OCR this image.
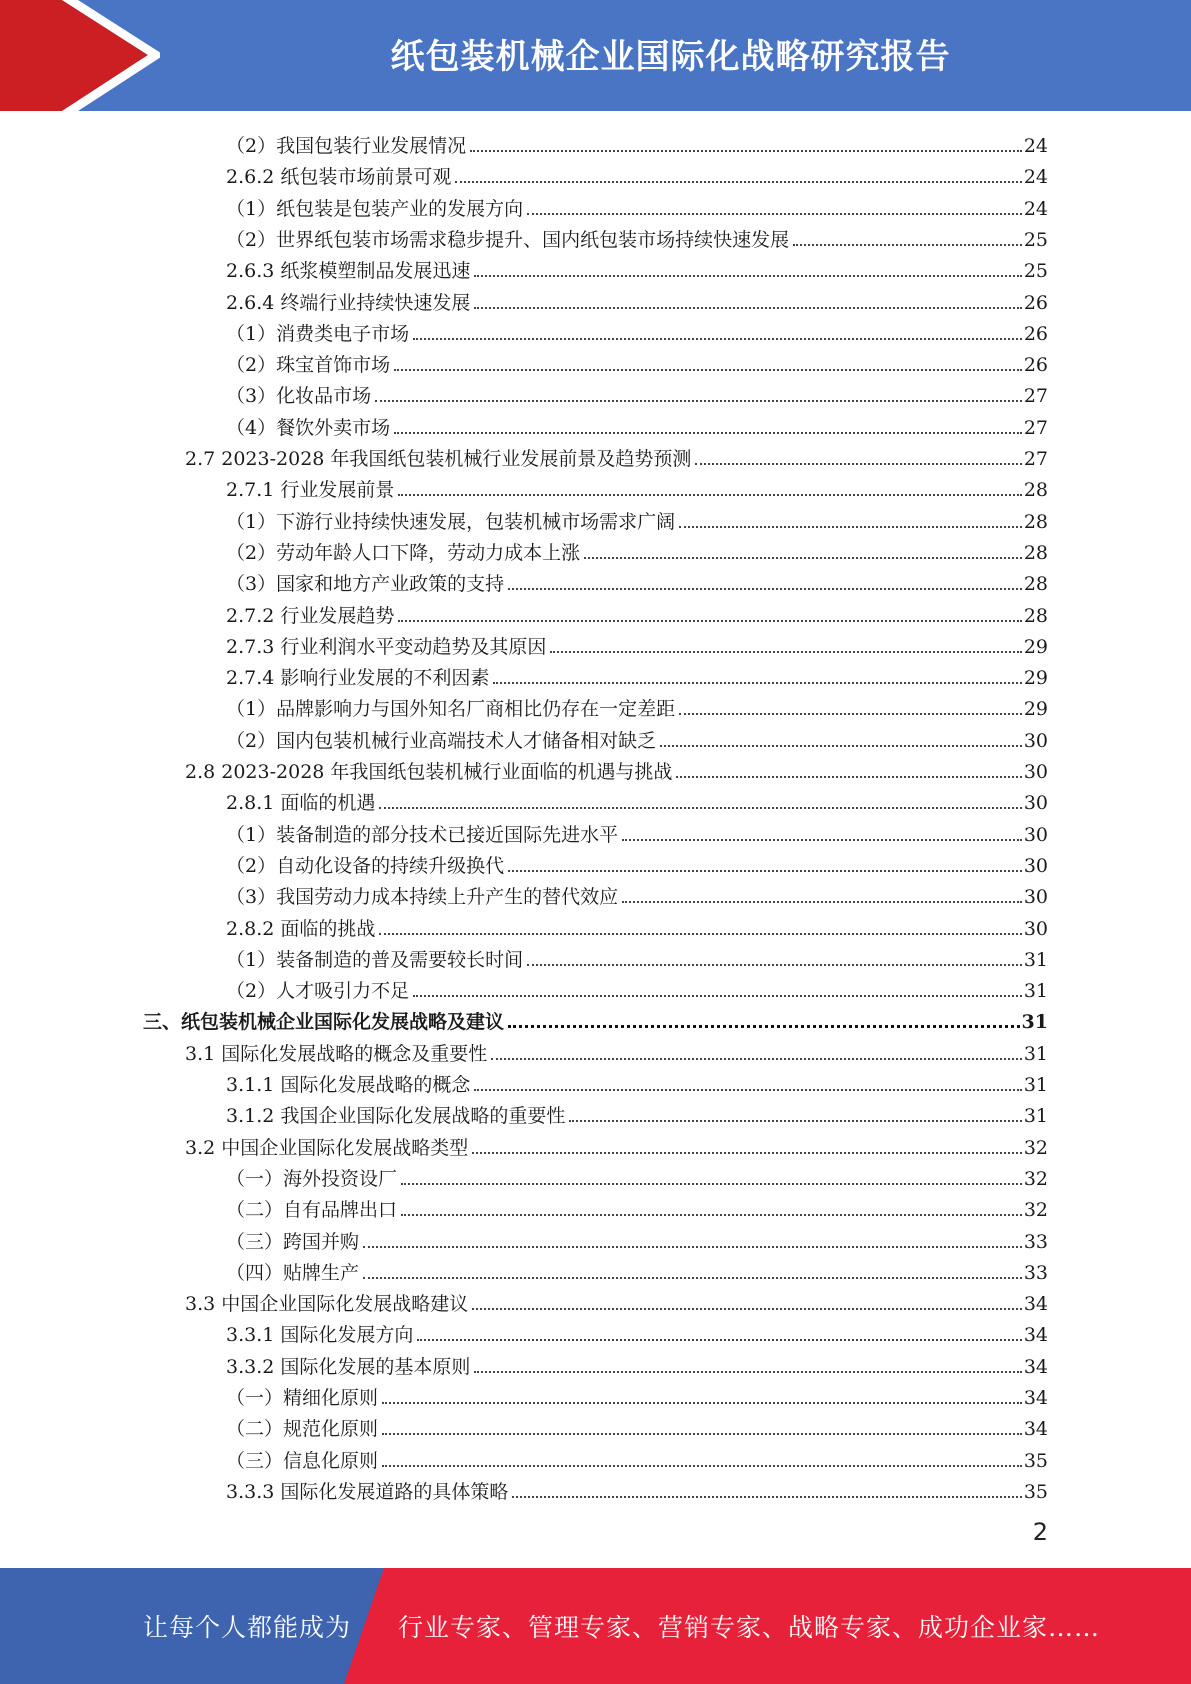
纸包装机械企业国际化战略研究报告
（2）我国包装行业发展情况	24
2.6.2 纸包装市场前景可观	24
（1）纸包装是包装产业的发展方向	24
（2）世界纸包装市场需求稳步提升、国内纸包装市场持续快速发展	25
2.6.3 纸浆模塑制品发展迅速	25
2.6.4 终端行业持续快速发展	26
（1）消费类电子市场	26
（2）珠宝首饰市场	26
（3）化妆品市场	27
（4）餐饮外卖市场	27
2.7 2023-2028 年我国纸包装机械行业发展前景及趋势预测	27
2.7.1 行业发展前景	28
（1）下游行业持续快速发展，包装机械市场需求广阔	28
（2）劳动年龄人口下降，劳动力成本上涨	28
（3）国家和地方产业政策的支持	28
2.7.2 行业发展趋势	28
2.7.3 行业利润水平变动趋势及其原因	29
2.7.4 影响行业发展的不利因素	29
（1）品牌影响力与国外知名厂商相比仍存在一定差距	29
（2）国内包装机械行业高端技术人才储备相对缺乏	30
2.8 2023-2028 年我国纸包装机械行业面临的机遇与挑战	30
2.8.1 面临的机遇	30
（1）装备制造的部分技术已接近国际先进水平	30
（2）自动化设备的持续升级换代	30
（3）我国劳动力成本持续上升产生的替代效应	30
2.8.2 面临的挑战	30
（1）装备制造的普及需要较长时间	31
（2）人才吸引力不足	31
三、纸包装机械企业国际化发展战略及建议	31
3.1 国际化发展战略的概念及重要性	31
3.1.1 国际化发展战略的概念	31
3.1.2 我国企业国际化发展战略的重要性	31
3.2 中国企业国际化发展战略类型	32
（一）海外投资设厂	32
（二）自有品牌出口	32
（三）跨国并购	33
（四）贴牌生产	33
3.3 中国企业国际化发展战略建议	34
3.3.1 国际化发展方向	34
3.3.2 国际化发展的基本原则	34
（一）精细化原则	34
（二）规范化原则	34
（三）信息化原则	35
3.3.3 国际化发展道路的具体策略	35
2
让每个人都能成为 行业专家、管理专家、营销专家、战略专家、成功企业家……
